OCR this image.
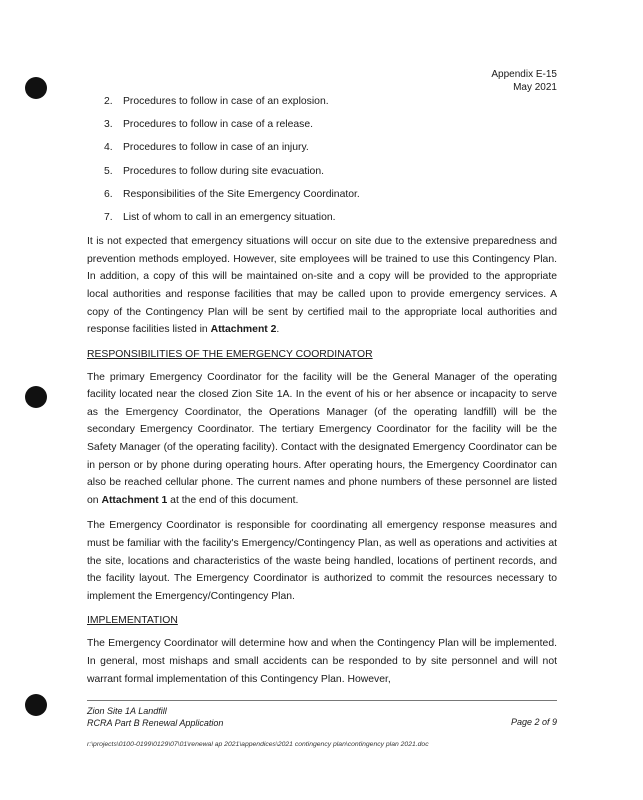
Appendix E-15
May 2021
2. Procedures to follow in case of an explosion.
3. Procedures to follow in case of a release.
4. Procedures to follow in case of an injury.
5. Procedures to follow during site evacuation.
6. Responsibilities of the Site Emergency Coordinator.
7. List of whom to call in an emergency situation.

It is not expected that emergency situations will occur on site due to the extensive preparedness and prevention methods employed. However, site employees will be trained to use this Contingency Plan. In addition, a copy of this will be maintained on-site and a copy will be provided to the appropriate local authorities and response facilities that may be called upon to provide emergency services. A copy of the Contingency Plan will be sent by certified mail to the appropriate local authorities and response facilities listed in Attachment 2.

RESPONSIBILITIES OF THE EMERGENCY COORDINATOR

The primary Emergency Coordinator for the facility will be the General Manager of the operating facility located near the closed Zion Site 1A. In the event of his or her absence or incapacity to serve as the Emergency Coordinator, the Operations Manager (of the operating landfill) will be the secondary Emergency Coordinator. The tertiary Emergency Coordinator for the facility will be the Safety Manager (of the operating facility). Contact with the designated Emergency Coordinator can be in person or by phone during operating hours. After operating hours, the Emergency Coordinator can also be reached cellular phone. The current names and phone numbers of these personnel are listed on Attachment 1 at the end of this document.

The Emergency Coordinator is responsible for coordinating all emergency response measures and must be familiar with the facility's Emergency/Contingency Plan, as well as operations and activities at the site, locations and characteristics of the waste being handled, locations of pertinent records, and the facility layout. The Emergency Coordinator is authorized to commit the resources necessary to implement the Emergency/Contingency Plan.

IMPLEMENTATION

The Emergency Coordinator will determine how and when the Contingency Plan will be implemented. In general, most mishaps and small accidents can be responded to by site personnel and will not warrant formal implementation of this Contingency Plan. However,

Zion Site 1A Landfill
RCRA Part B Renewal Application	Page 2 of 9
r:\projects\0100-0199\0129\07\01\renewal ap 2021\appendices\2021 contingency plan\contingency plan 2021.doc
